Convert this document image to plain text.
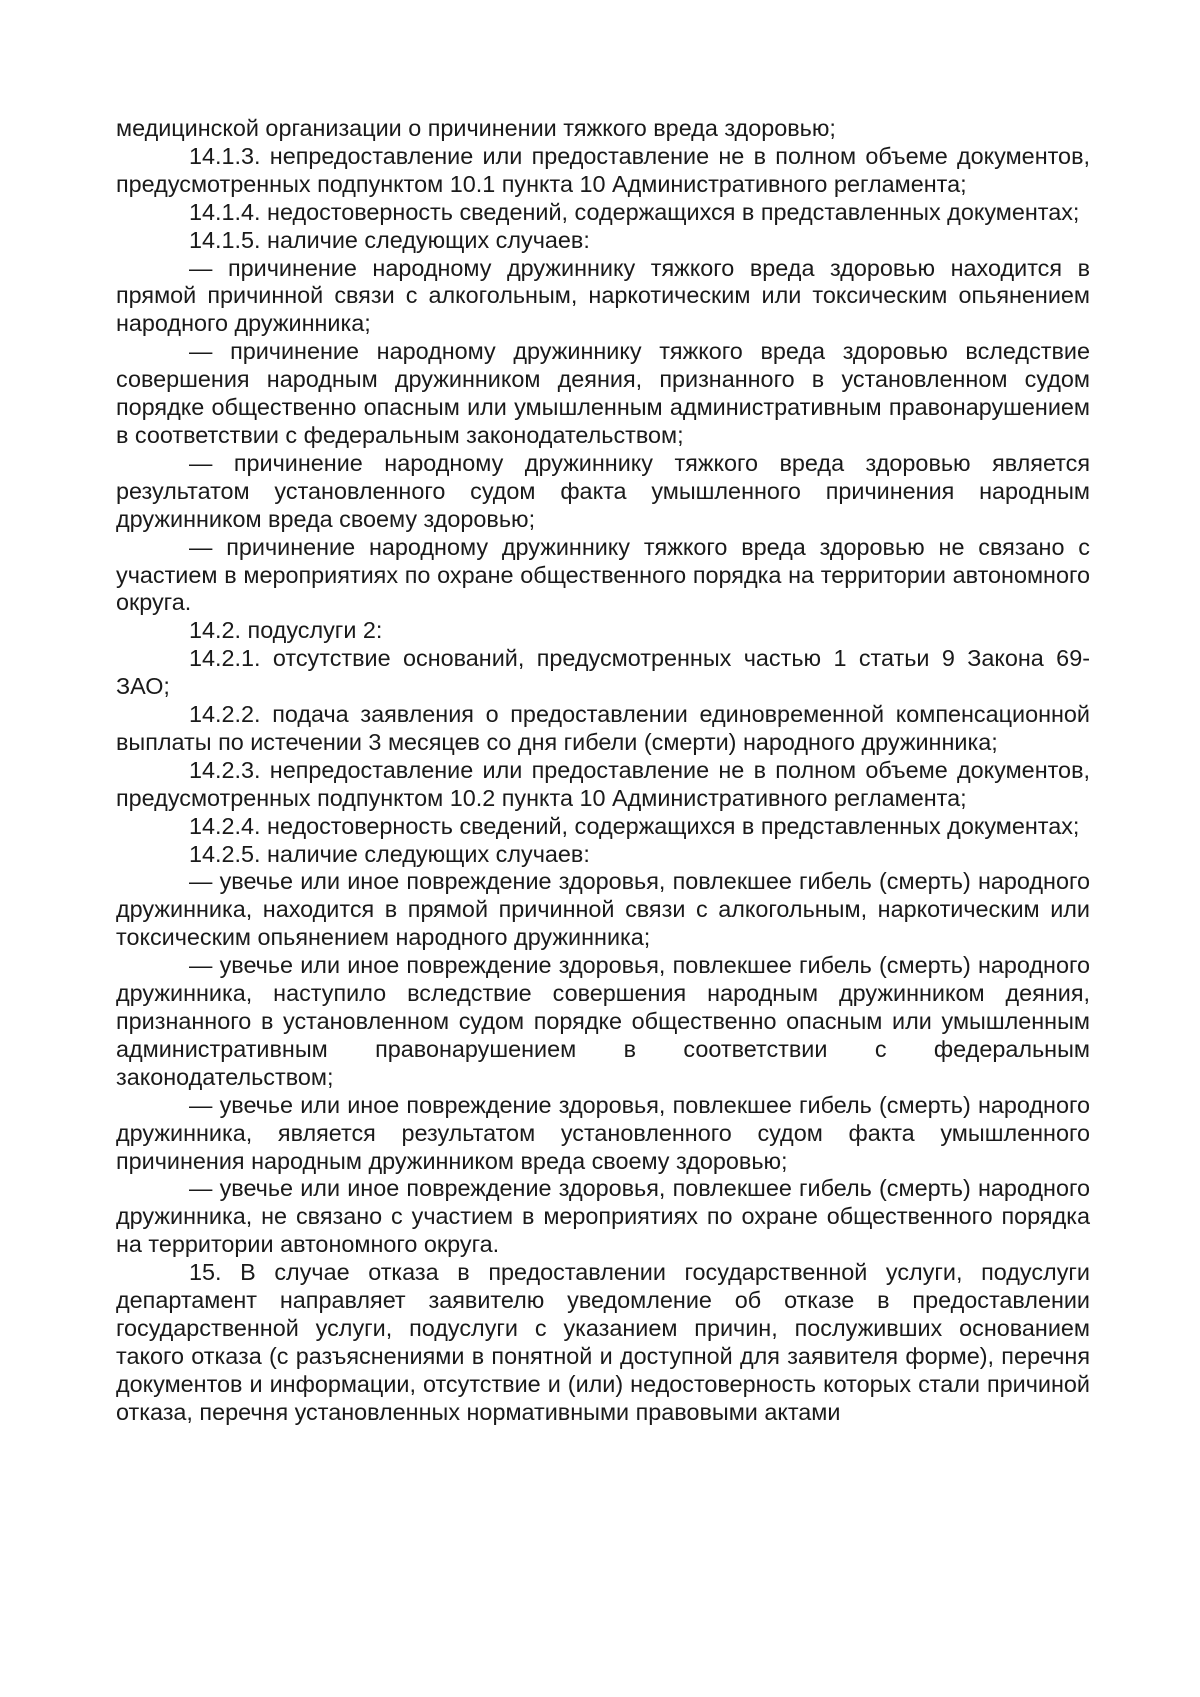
медицинской организации о причинении тяжкого вреда здоровью;

14.1.3. непредоставление или предоставление не в полном объеме документов, предусмотренных подпунктом 10.1 пункта 10 Административного регламента;

14.1.4. недостоверность сведений, содержащихся в представленных документах;

14.1.5. наличие следующих случаев:

— причинение народному дружиннику тяжкого вреда здоровью находится в прямой причинной связи с алкогольным, наркотическим или токсическим опьянением народного дружинника;

— причинение народному дружиннику тяжкого вреда здоровью вследствие совершения народным дружинником деяния, признанного в установленном судом порядке общественно опасным или умышленным административным правонарушением в соответствии с федеральным законодательством;

— причинение народному дружиннику тяжкого вреда здоровью является результатом установленного судом факта умышленного причинения народным дружинником вреда своему здоровью;

— причинение народному дружиннику тяжкого вреда здоровью не связано с участием в мероприятиях по охране общественного порядка на территории автономного округа.

14.2. подуслуги 2:

14.2.1. отсутствие оснований, предусмотренных частью 1 статьи 9 Закона 69-ЗАО;

14.2.2. подача заявления о предоставлении единовременной компенсационной выплаты по истечении 3 месяцев со дня гибели (смерти) народного дружинника;

14.2.3. непредоставление или предоставление не в полном объеме документов, предусмотренных подпунктом 10.2 пункта 10 Административного регламента;

14.2.4. недостоверность сведений, содержащихся в представленных документах;

14.2.5. наличие следующих случаев:

— увечье или иное повреждение здоровья, повлекшее гибель (смерть) народного дружинника, находится в прямой причинной связи с алкогольным, наркотическим или токсическим опьянением народного дружинника;

— увечье или иное повреждение здоровья, повлекшее гибель (смерть) народного дружинника, наступило вследствие совершения народным дружинником деяния, признанного в установленном судом порядке общественно опасным или умышленным административным правонарушением в соответствии с федеральным законодательством;

— увечье или иное повреждение здоровья, повлекшее гибель (смерть) народного дружинника, является результатом установленного судом факта умышленного причинения народным дружинником вреда своему здоровью;

— увечье или иное повреждение здоровья, повлекшее гибель (смерть) народного дружинника, не связано с участием в мероприятиях по охране общественного порядка на территории автономного округа.

15. В случае отказа в предоставлении государственной услуги, подуслуги департамент направляет заявителю уведомление об отказе в предоставлении государственной услуги, подуслуги с указанием причин, послуживших основанием такого отказа (с разъяснениями в понятной и доступной для заявителя форме), перечня документов и информации, отсутствие и (или) недостоверность которых стали причиной отказа, перечня установленных нормативными правовыми актами
